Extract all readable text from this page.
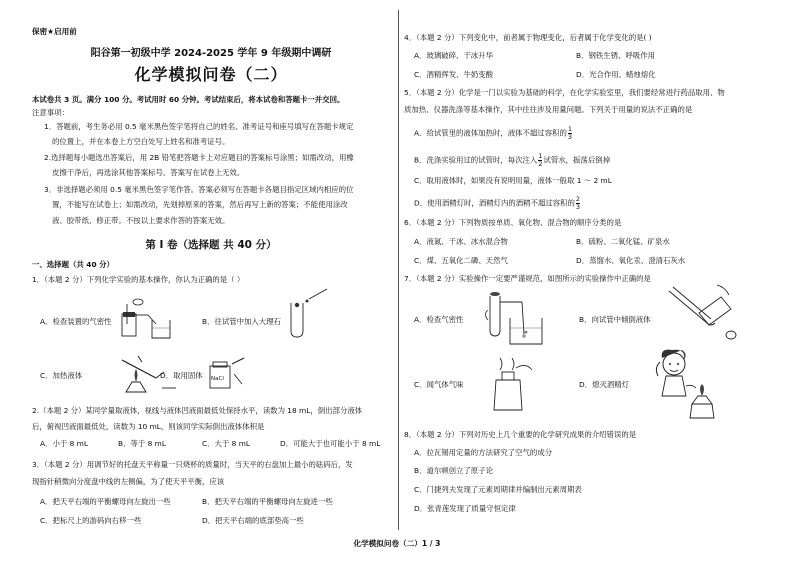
保密★启用前
阳谷第一初级中学 2024-2025 学年 9 年级期中调研
化学模拟问卷（二）
本试卷共 3 页。满分 100 分。考试用时 60 分钟。考试结束后，将本试卷和答题卡一并交回。
注意事项：
1．答题前，考生务必用 0.5 毫米黑色签字笔将自己的姓名、准考证号和座号填写在答题卡规定
的位置上，并在本卷上方空白处写上姓名和准考证号。
2.选择题每小题选出答案后，用 2B 铅笔把答题卡上对应题目的答案标号涂黑；如需改动，用橡
皮擦干净后，再选涂其他答案标号。答案写在试卷上无效。
3．非选择题必须用 0.5 毫米黑色签字笔作答。答案必须写在答题卡各题目指定区域内相应的位
置，不能写在试卷上；如需改动，先划掉原来的答案，然后再写上新的答案；不能使用涂改
液、胶带纸、修正带。不按以上要求作答的答案无效。
第 I 卷（选择题 共 40 分）
一、选择题（共 40 分）
1．（本题 2 分）下列化学实验的基本操作，你认为正确的是（ ）
A．检查装置的气密性	B．往试管中加入大理石
C．加热液体	D．取用固体 NaCl
2.（本题 2 分）某同学量取液体，视线与液体凹液面最低处保持水平，读数为 18 mL，倒出部分液体
后，俯视凹液面最低处，读数为 10 mL，则该同学实际倒出液体体积是
A．小于 8 mL	B．等于 8 mL	C．大于 8 mL	D．可能大于也可能小于 8 mL
3．（本题 2 分）用调节好的托盘天平称量一只烧杯的质量时，当天平的右盘加上最小的砝码后，发
现指针稍微向分度盘中线的左侧偏，为了使天平平衡，应该
A．把天平右端的平衡螺母向左旋出一些	B．把天平右端的平衡螺母向左旋进一些
C．把标尺上的游码向右移一些	D．把天平右端的底部垫高一些
4．（本题 2 分）下列变化中，前者属于物理变化，后者属于化学变化的是( )
A．玻璃破碎、干冰升华	B．钢铁生锈、呼吸作用
C．酒精挥发、牛奶变酸	D．光合作用、蜡烛熔化
5．（本题 2 分）化学是一门以实验为基础的科学，在化学实验室里，我们要经常进行药品取用、物
质加热、仪器洗涤等基本操作，其中往往涉及用量问题。下列关于用量的说法不正确的是
A．给试管里的液体加热时，液体不超过容积的 $\frac{1}{3}$
B．洗涤实验用过的试管时，每次注入 $\frac{1}{2}$ 试管水，振荡后倒掉
C．取用液体时，如果没有说明用量，液体一般取 1 ～ 2 mL
D．使用酒精灯时，酒精灯内的酒精不超过容积的 $\frac{2}{3}$
6．（本题 2 分）下列物质按单质、氧化物、混合物的顺序分类的是
A．液氮、干冰、冰水混合物	B．硫粉、二氧化锰、矿泉水
C．煤、五氧化二磷、天然气	D．蒸馏水、氧化汞、澄清石灰水
7．（本题 2 分）实验操作一定要严谨规范，如图所示的实验操作中正确的是
A．检查气密性	B．向试管中倾倒液体
C．闻气体气味	D．熄灭酒精灯
8．（本题 2 分）下列对历史上几个重要的化学研究成果的介绍错误的是
A．拉瓦锡用定量的方法研究了空气的成分
B．道尔顿创立了原子论
C．门捷列夫发现了元素周期律并编制出元素周期表
D．张青莲发现了质量守恒定律
化学模拟问卷（二）1 / 3
